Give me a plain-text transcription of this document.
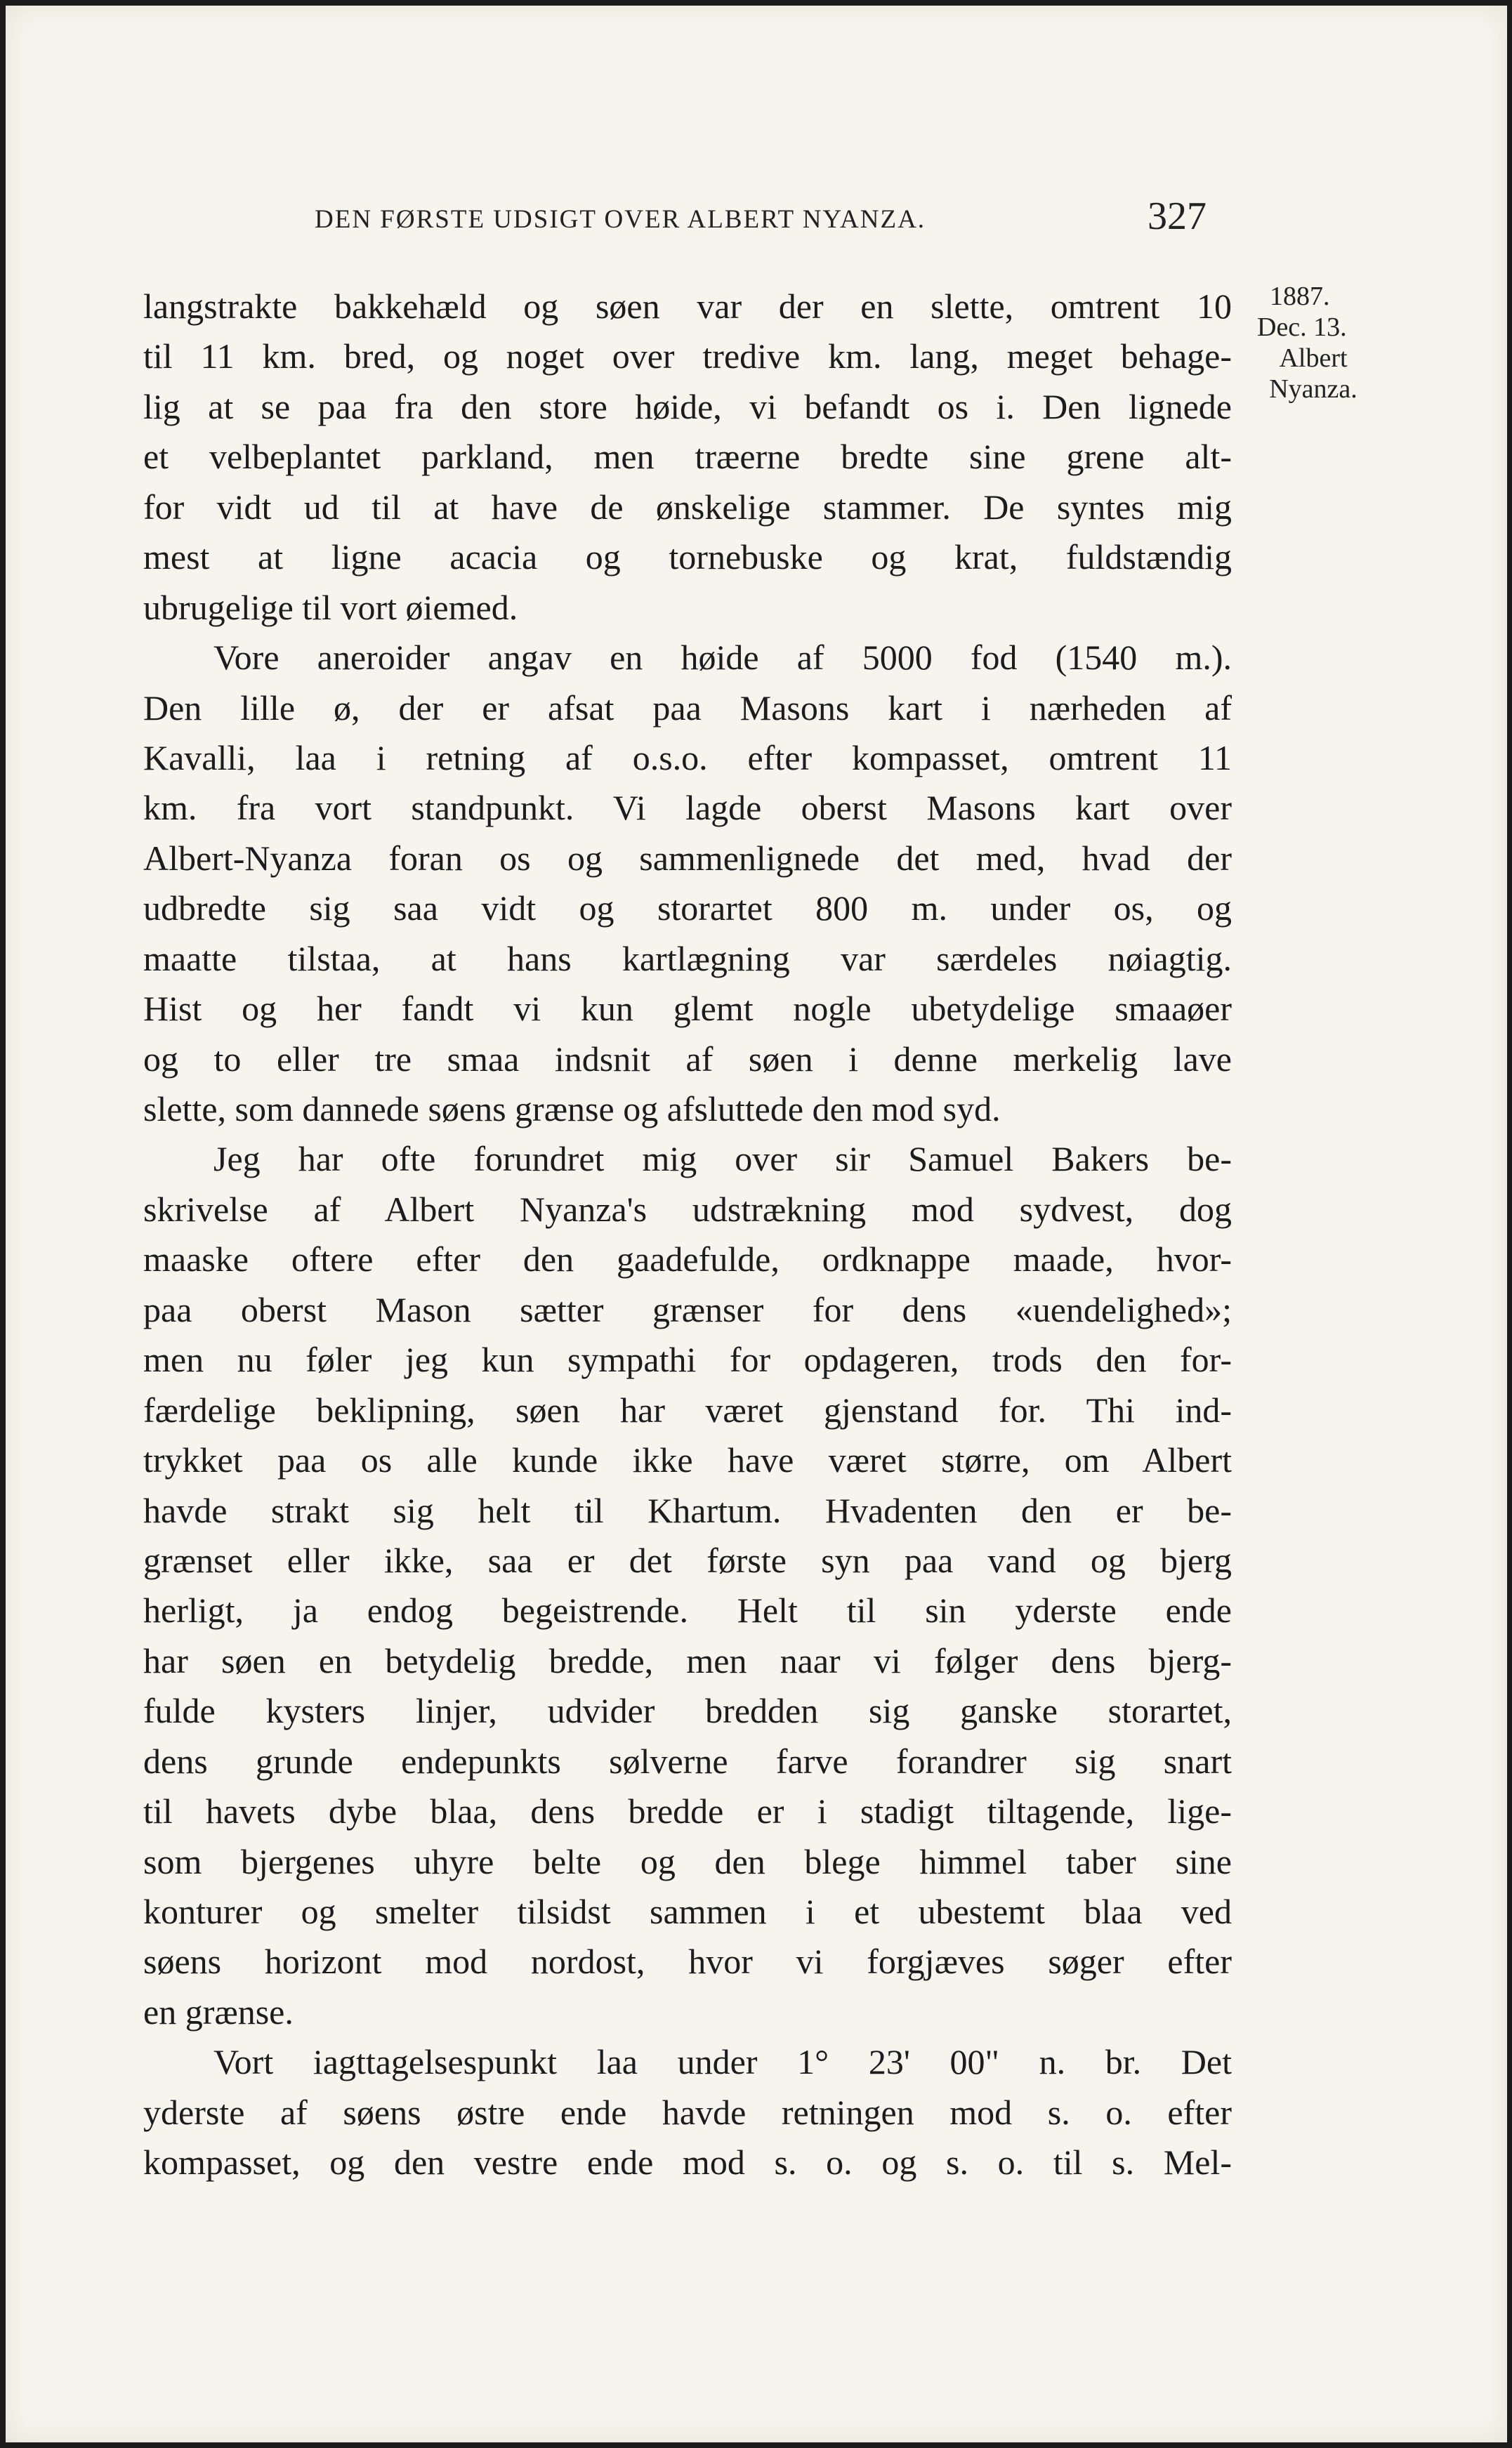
DEN FØRSTE UDSIGT OVER ALBERT NYANZA.	327
1887.
Dec. 13.
Albert
Nyanza.
langstrakte bakkehæld og søen var der en slette, omtrent 10
til 11 km. bred, og noget over tredive km. lang, meget behage-
lig at se paa fra den store høide, vi befandt os i. Den lignede
et velbeplantet parkland, men træerne bredte sine grene alt-
for vidt ud til at have de ønskelige stammer. De syntes mig
mest at ligne acacia og tornebuske og krat, fuldstændig
ubrugelige til vort øiemed.
Vore aneroider angav en høide af 5000 fod (1540 m.).
Den lille ø, der er afsat paa Masons kart i nærheden af
Kavalli, laa i retning af o.s.o. efter kompasset, omtrent 11
km. fra vort standpunkt. Vi lagde oberst Masons kart over
Albert-Nyanza foran os og sammenlignede det med, hvad der
udbredte sig saa vidt og storartet 800 m. under os, og
maatte tilstaa, at hans kartlægning var særdeles nøiagtig.
Hist og her fandt vi kun glemt nogle ubetydelige smaaøer
og to eller tre smaa indsnit af søen i denne merkelig lave
slette, som dannede søens grænse og afsluttede den mod syd.
Jeg har ofte forundret mig over sir Samuel Bakers be-
skrivelse af Albert Nyanza's udstrækning mod sydvest, dog
maaske oftere efter den gaadefulde, ordknappe maade, hvor-
paa oberst Mason sætter grænser for dens «uendelighed»;
men nu føler jeg kun sympathi for opdageren, trods den for-
færdelige beklipning, søen har været gjenstand for. Thi ind-
trykket paa os alle kunde ikke have været større, om Albert
havde strakt sig helt til Khartum. Hvadenten den er be-
grænset eller ikke, saa er det første syn paa vand og bjerg
herligt, ja endog begeistrende. Helt til sin yderste ende
har søen en betydelig bredde, men naar vi følger dens bjerg-
fulde kysters linjer, udvider bredden sig ganske storartet,
dens grunde endepunkts sølverne farve forandrer sig snart
til havets dybe blaa, dens bredde er i stadigt tiltagende, lige-
som bjergenes uhyre belte og den blege himmel taber sine
konturer og smelter tilsidst sammen i et ubestemt blaa ved
søens horizont mod nordost, hvor vi forgjæves søger efter
en grænse.
Vort iagttagelsespunkt laa under 1° 23' 00" n. br. Det
yderste af søens østre ende havde retningen mod s. o. efter
kompasset, og den vestre ende mod s. o. og s. o. til s. Mel-
